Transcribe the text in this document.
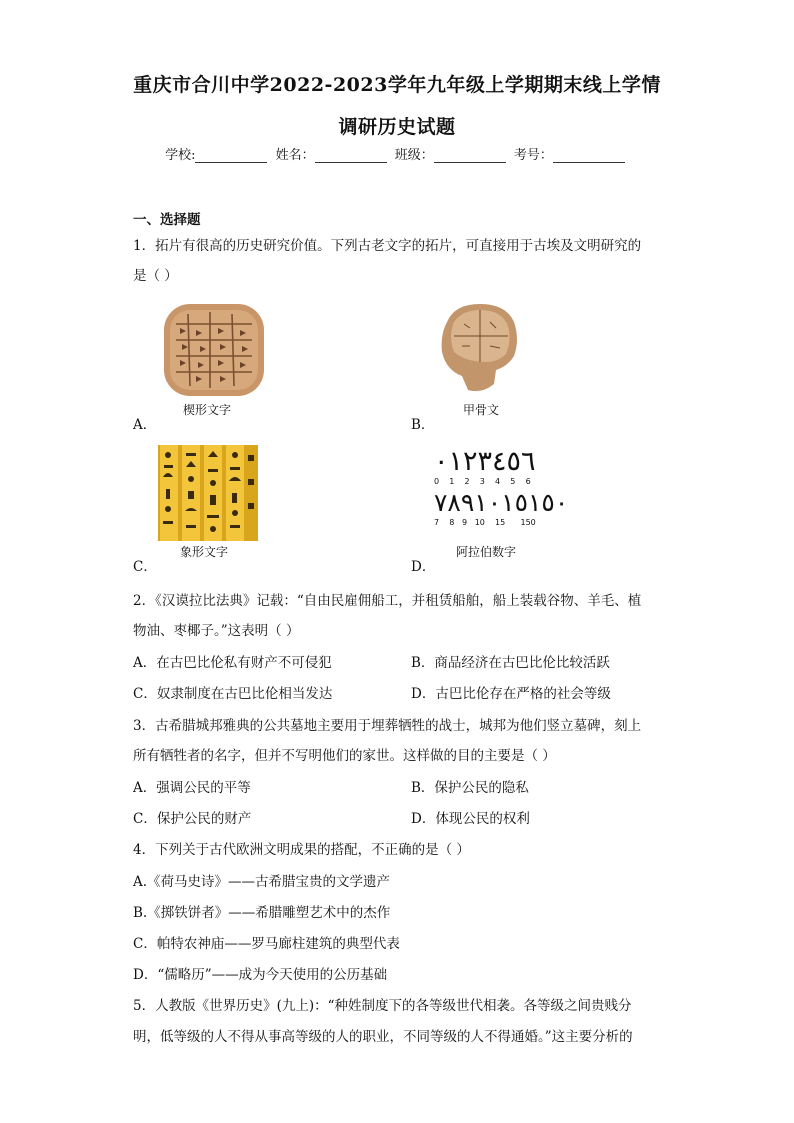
重庆市合川中学2022-2023学年九年级上学期期末线上学情
调研历史试题
学校:	姓名：	班级：	考号：
一、选择题
1．拓片有很高的历史研究价值。下列古老文字的拓片，可直接用于古埃及文明研究的
是（ ）
楔形文字
A．
甲骨文
B．
象形文字
C．
٠١٢٣٤٥٦
0    1    2    3    4    5    6
٧٨٩١٠١٥١٥٠
7    8   9   10    15      150
阿拉伯数字
D．
2．《汉谟拉比法典》记载：“自由民雇佣船工，并租赁船舶，船上装载谷物、羊毛、植
物油、枣椰子。”这表明（ ）
A．在古巴比伦私有财产不可侵犯	B．商品经济在古巴比伦比较活跃
C．奴隶制度在古巴比伦相当发达	D．古巴比伦存在严格的社会等级
3．古希腊城邦雅典的公共墓地主要用于埋葬牺牲的战士，城邦为他们竖立墓碑，刻上
所有牺牲者的名字，但并不写明他们的家世。这样做的目的主要是（ ）
A．强调公民的平等	B．保护公民的隐私
C．保护公民的财产	D．体现公民的权利
4．下列关于古代欧洲文明成果的搭配，不正确的是（ ）
A.《荷马史诗》——古希腊宝贵的文学遗产
B.《掷铁饼者》——希腊雕塑艺术中的杰作
C．帕特农神庙——罗马廊柱建筑的典型代表
D．“儒略历”——成为今天使用的公历基础
5．人教版《世界历史》(九上)：“种姓制度下的各等级世代相袭。各等级之间贵贱分
明，低等级的人不得从事高等级的人的职业，不同等级的人不得通婚。”这主要分析的
